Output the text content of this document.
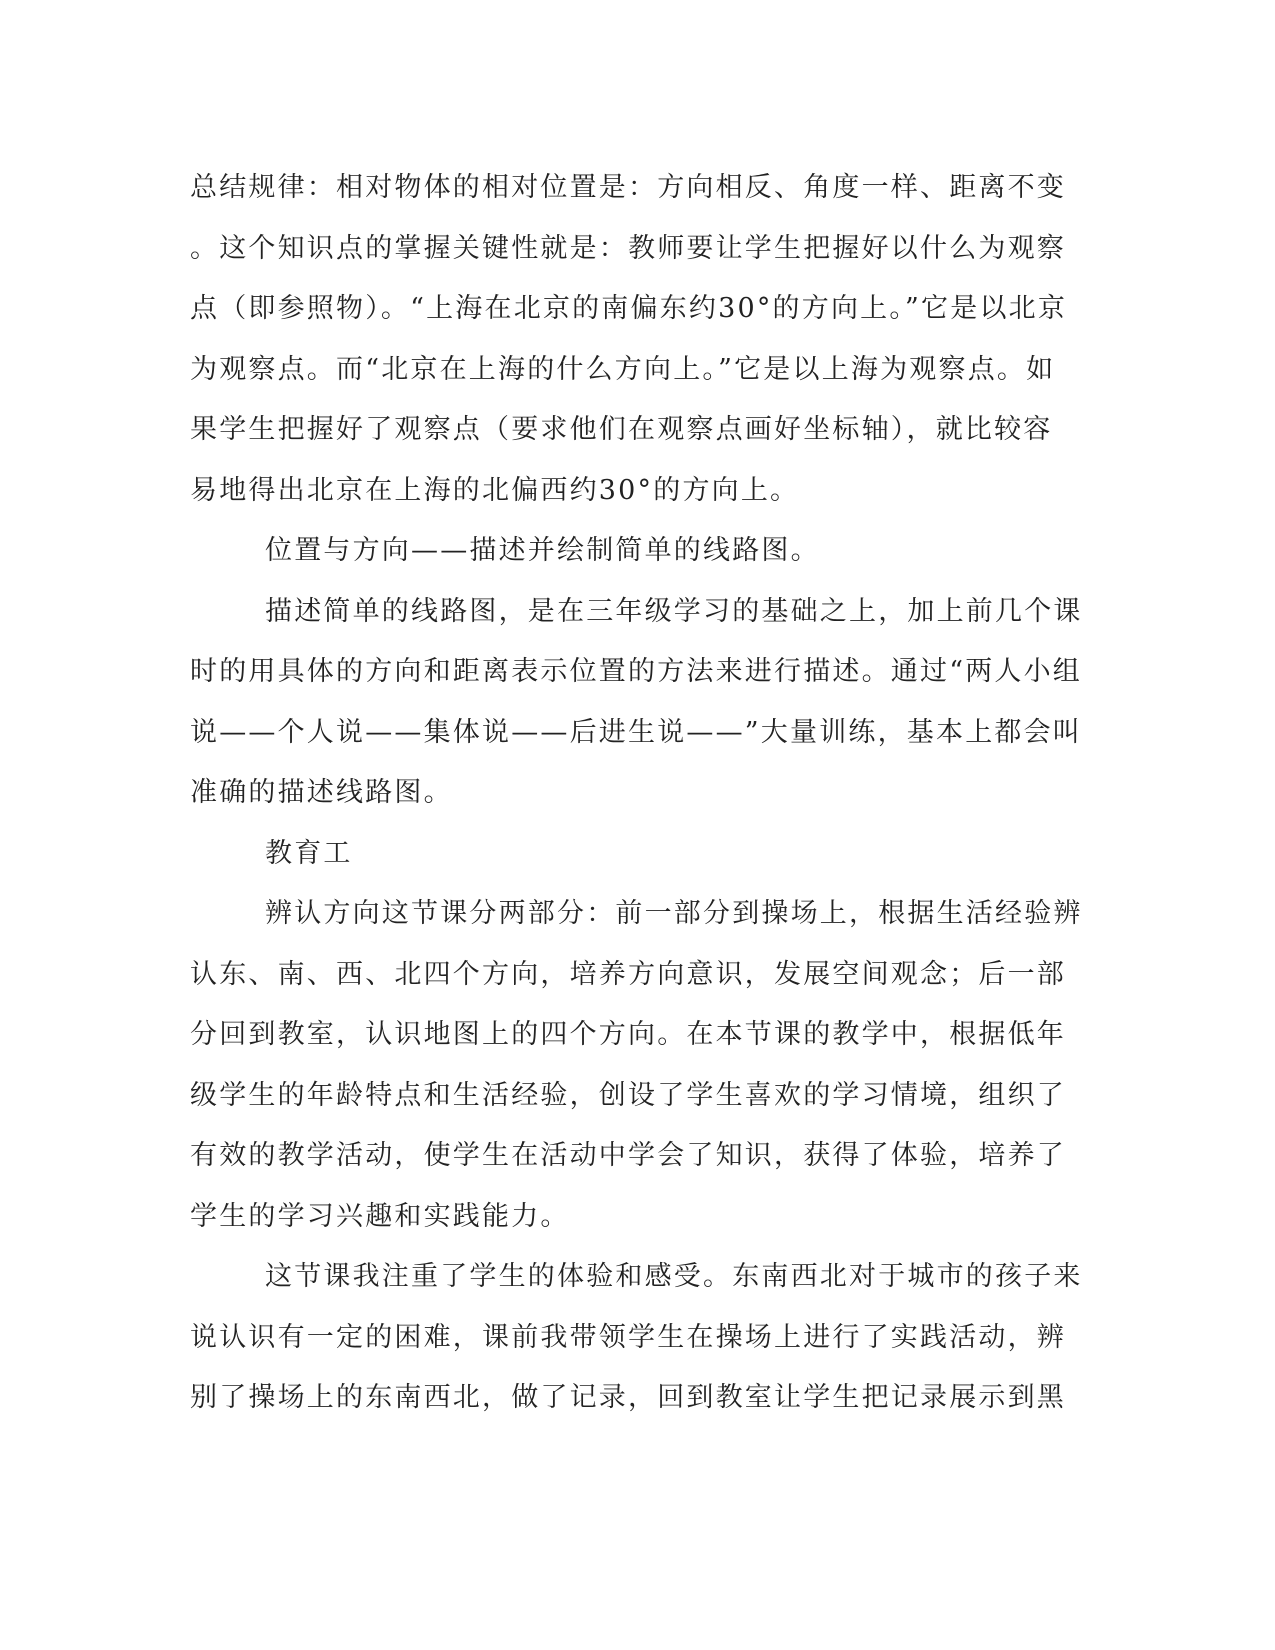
总结规律：相对物体的相对位置是：方向相反、角度一样、距离不变
。这个知识点的掌握关键性就是：教师要让学生把握好以什么为观察
点（即参照物）。“上海在北京的南偏东约30°的方向上。”它是以北京
为观察点。而“北京在上海的什么方向上。”它是以上海为观察点。如
果学生把握好了观察点（要求他们在观察点画好坐标轴），就比较容
易地得出北京在上海的北偏西约30°的方向上。
位置与方向——描述并绘制简单的线路图。
描述简单的线路图，是在三年级学习的基础之上，加上前几个课
时的用具体的方向和距离表示位置的方法来进行描述。通过“两人小组
说——个人说——集体说——后进生说——”大量训练，基本上都会叫
准确的描述线路图。
教育工
辨认方向这节课分两部分：前一部分到操场上，根据生活经验辨
认东、南、西、北四个方向，培养方向意识，发展空间观念；后一部
分回到教室，认识地图上的四个方向。在本节课的教学中，根据低年
级学生的年龄特点和生活经验，创设了学生喜欢的学习情境，组织了
有效的教学活动，使学生在活动中学会了知识，获得了体验，培养了
学生的学习兴趣和实践能力。
这节课我注重了学生的体验和感受。东南西北对于城市的孩子来
说认识有一定的困难，课前我带领学生在操场上进行了实践活动，辨
别了操场上的东南西北，做了记录，回到教室让学生把记录展示到黑
